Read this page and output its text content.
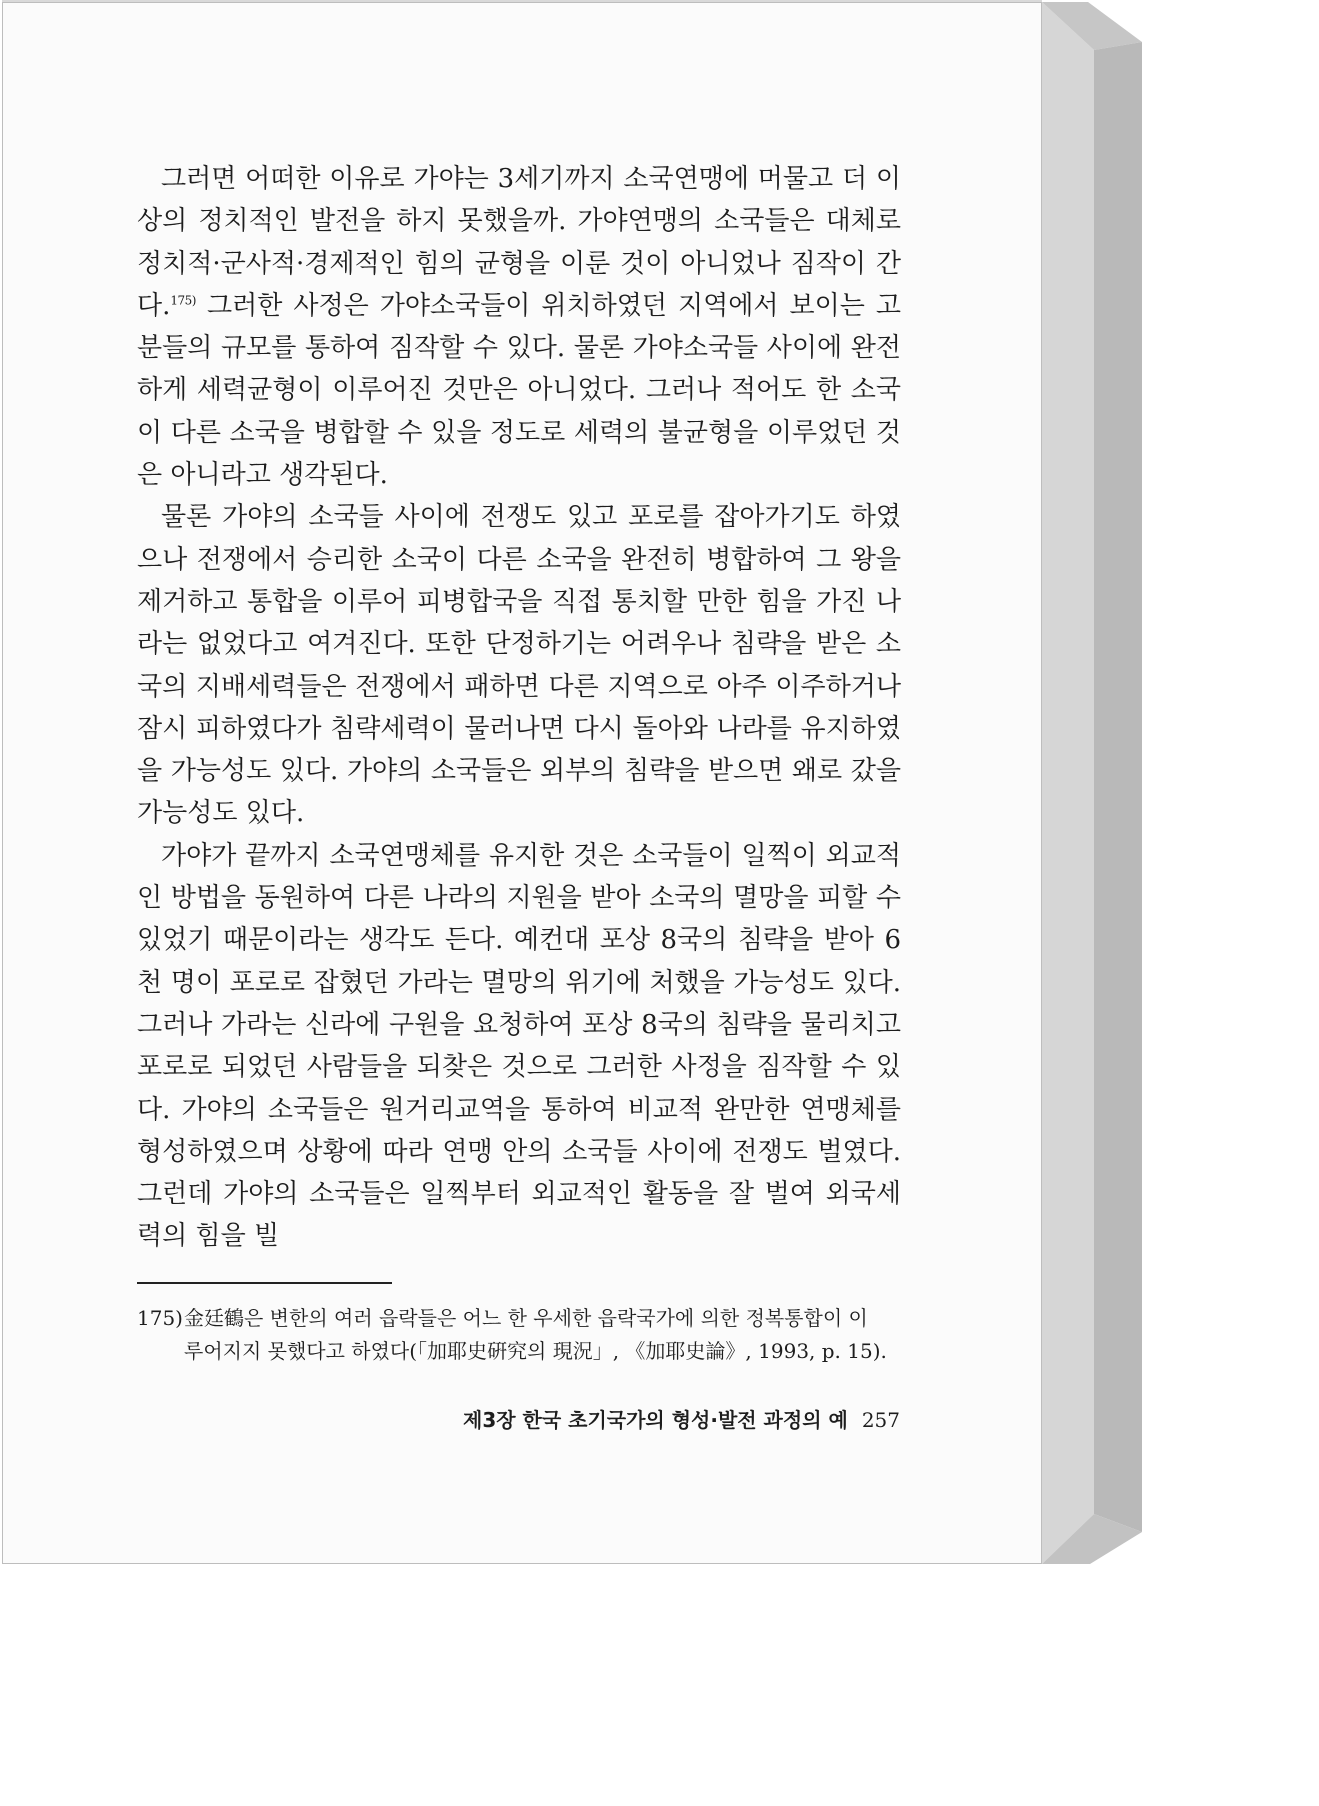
그러면 어떠한 이유로 가야는 3세기까지 소국연맹에 머물고 더 이상의 정치적인 발전을 하지 못했을까. 가야연맹의 소국들은 대체로 정치적·군사적·경제적인 힘의 균형을 이룬 것이 아니었나 짐작이 간다.$^{175)}$ 그러한 사정은 가야소국들이 위치하였던 지역에서 보이는 고분들의 규모를 통하여 짐작할 수 있다. 물론 가야소국들 사이에 완전하게 세력균형이 이루어진 것만은 아니었다. 그러나 적어도 한 소국이 다른 소국을 병합할 수 있을 정도로 세력의 불균형을 이루었던 것은 아니라고 생각된다.

물론 가야의 소국들 사이에 전쟁도 있고 포로를 잡아가기도 하였으나 전쟁에서 승리한 소국이 다른 소국을 완전히 병합하여 그 왕을 제거하고 통합을 이루어 피병합국을 직접 통치할 만한 힘을 가진 나라는 없었다고 여겨진다. 또한 단정하기는 어려우나 침략을 받은 소국의 지배세력들은 전쟁에서 패하면 다른 지역으로 아주 이주하거나 잠시 피하였다가 침략세력이 물러나면 다시 돌아와 나라를 유지하였을 가능성도 있다. 가야의 소국들은 외부의 침략을 받으면 왜로 갔을 가능성도 있다.

가야가 끝까지 소국연맹체를 유지한 것은 소국들이 일찍이 외교적인 방법을 동원하여 다른 나라의 지원을 받아 소국의 멸망을 피할 수 있었기 때문이라는 생각도 든다. 예컨대 포상 8국의 침략을 받아 6천 명이 포로로 잡혔던 가라는 멸망의 위기에 처했을 가능성도 있다. 그러나 가라는 신라에 구원을 요청하여 포상 8국의 침략을 물리치고 포로로 되었던 사람들을 되찾은 것으로 그러한 사정을 짐작할 수 있다. 가야의 소국들은 원거리교역을 통하여 비교적 완만한 연맹체를 형성하였으며 상황에 따라 연맹 안의 소국들 사이에 전쟁도 벌였다. 그런데 가야의 소국들은 일찍부터 외교적인 활동을 잘 벌여 외국세력의 힘을 빌

175)金廷鶴은 변한의 여러 읍락들은 어느 한 우세한 읍락국가에 의한 정복통합이 이
루어지지 못했다고 하였다(「加耶史硏究의 現況」, 《加耶史論》, 1993, p. 15).
제3장 한국 초기국가의 형성·발전 과정의 예 257
